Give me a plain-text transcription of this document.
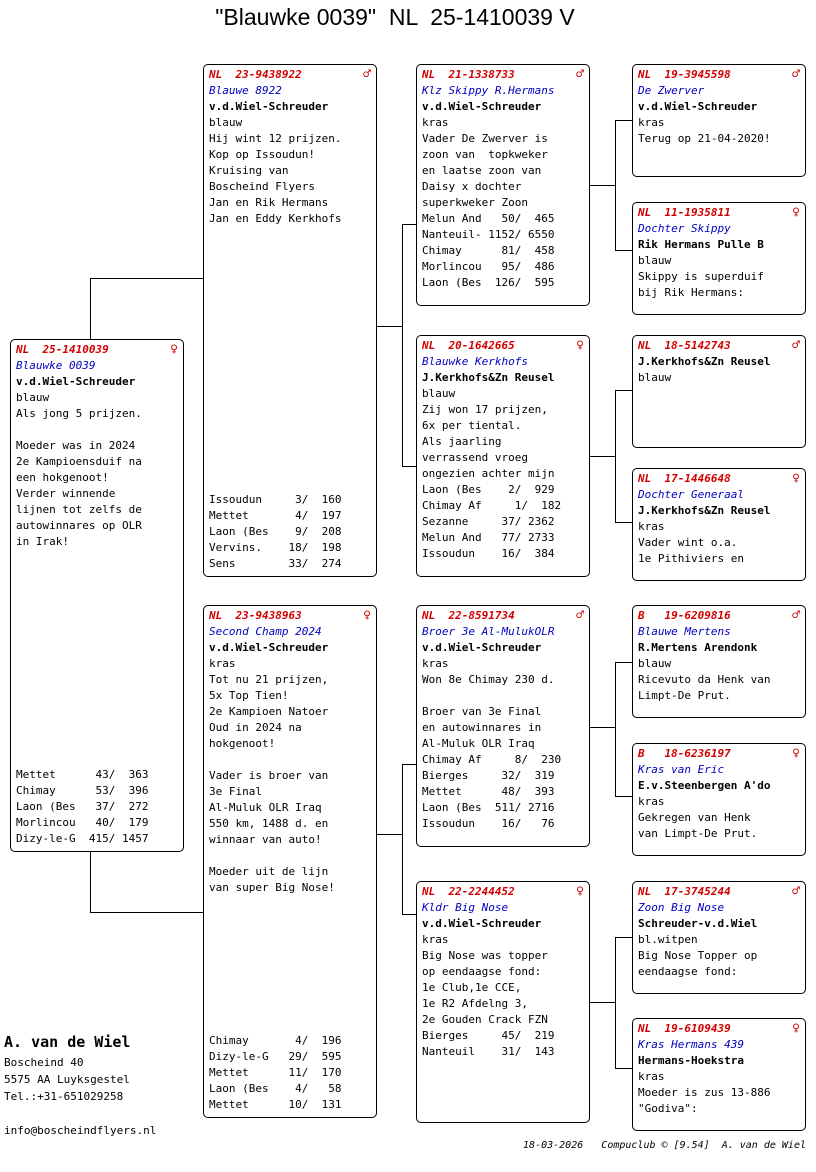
"Blauwke 0039"  NL  25-1410039 V
NL  25-1410039	♀
Blauwke 0039
v.d.Wiel-Schreuder
blauw
Als jong 5 prijzen.
Moeder was in 2024
2e Kampioensduif na
een hokgenoot!
Verder winnende
lijnen tot zelfs de
autowinnares op OLR
in Irak!
Mettet      43/  363
Chimay      53/  396
Laon (Bes   37/  272
Morlincou   40/  179
Dizy-le-G  415/ 1457
NL  23-9438922	♂
Blauwe 8922
v.d.Wiel-Schreuder
blauw
Hij wint 12 prijzen.
Kop op Issoudun!
Kruising van
Boscheind Flyers
Jan en Rik Hermans
Jan en Eddy Kerkhofs
Issoudun     3/  160
Mettet       4/  197
Laon (Bes    9/  208
Vervins.    18/  198
Sens        33/  274
NL  23-9438963	♀
Second Champ 2024
v.d.Wiel-Schreuder
kras
Tot nu 21 prijzen,
5x Top Tien!
2e Kampioen Natoer
Oud in 2024 na
hokgenoot!
Vader is broer van
3e Final
Al-Muluk OLR Iraq
550 km, 1488 d. en
winnaar van auto!
Moeder uit de lijn
van super Big Nose!
Chimay       4/  196
Dizy-le-G   29/  595
Mettet      11/  170
Laon (Bes    4/   58
Mettet      10/  131
NL  21-1338733	♂
Klz Skippy R.Hermans
v.d.Wiel-Schreuder
kras
Vader De Zwerver is
zoon van  topkweker
en laatse zoon van
Daisy x dochter
superkweker Zoon
Melun And   50/  465
Nanteuil- 1152/ 6550
Chimay      81/  458
Morlincou   95/  486
Laon (Bes  126/  595
NL  20-1642665	♀
Blauwke Kerkhofs
J.Kerkhofs&Zn Reusel
blauw
Zij won 17 prijzen,
6x per tiental.
Als jaarling
verrassend vroeg
ongezien achter mijn
Laon (Bes    2/  929
Chimay Af     1/  182
Sezanne     37/ 2362
Melun And   77/ 2733
Issoudun    16/  384
NL  22-8591734	♂
Broer 3e Al-MulukOLR
v.d.Wiel-Schreuder
kras
Won 8e Chimay 230 d.
Broer van 3e Final
en autowinnares in
Al-Muluk OLR Iraq
Chimay Af     8/  230
Bierges     32/  319
Mettet      48/  393
Laon (Bes  511/ 2716
Issoudun    16/   76
NL  22-2244452	♀
Kldr Big Nose
v.d.Wiel-Schreuder
kras
Big Nose was topper
op eendaagse fond:
1e Club,1e CCE,
1e R2 Afdelng 3,
2e Gouden Crack FZN
Bierges     45/  219
Nanteuil    31/  143
NL  19-3945598	♂
De Zwerver
v.d.Wiel-Schreuder
kras
Terug op 21-04-2020!
NL  11-1935811	♀
Dochter Skippy
Rik Hermans Pulle B
blauw
Skippy is superduif
bij Rik Hermans:
NL  18-5142743	♂
J.Kerkhofs&Zn Reusel
blauw
NL  17-1446648	♀
Dochter Generaal
J.Kerkhofs&Zn Reusel
kras
Vader wint o.a.
1e Pithiviers en
B   19-6209816	♂
Blauwe Mertens
R.Mertens Arendonk
blauw
Ricevuto da Henk van
Limpt-De Prut.
B   18-6236197	♀
Kras van Eric
E.v.Steenbergen A'do
kras
Gekregen van Henk
van Limpt-De Prut.
NL  17-3745244	♂
Zoon Big Nose
Schreuder-v.d.Wiel
bl.witpen
Big Nose Topper op
eendaagse fond:
NL  19-6109439	♀
Kras Hermans 439
Hermans-Hoekstra
kras
Moeder is zus 13-886
"Godiva":
A. van de Wiel
Boscheind 40
5575 AA Luyksgestel
Tel.:+31-651029258
info@boscheindflyers.nl
18-03-2026   Compuclub © [9.54]  A. van de Wiel
